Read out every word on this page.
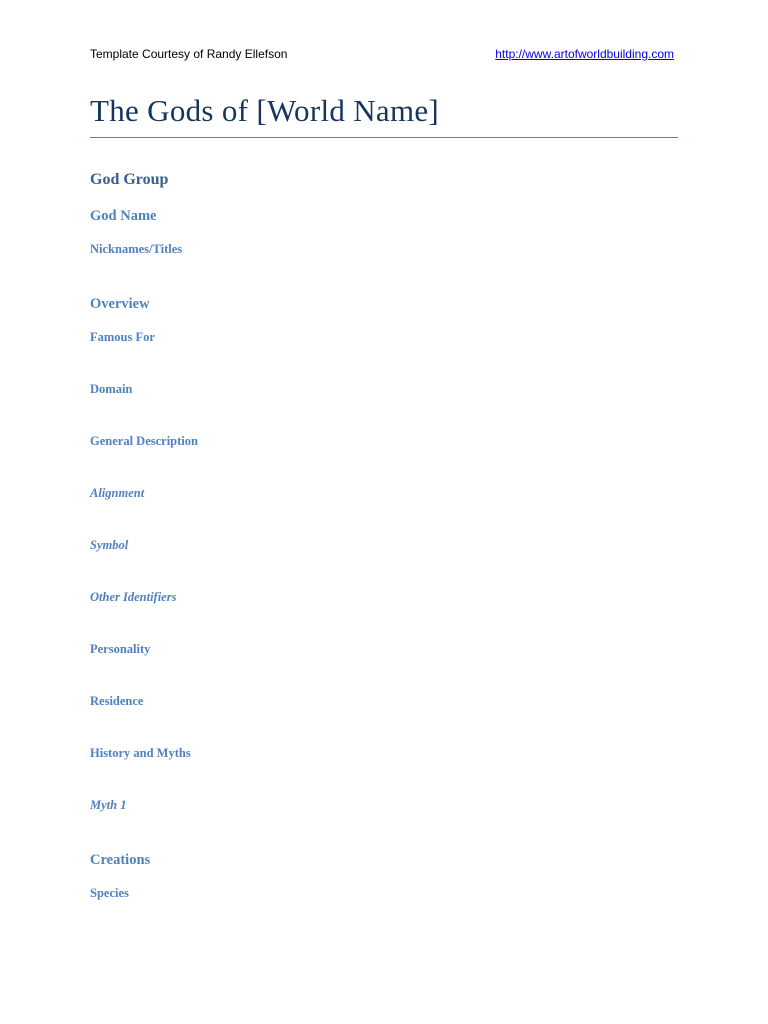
Template Courtesy of Randy Ellefson	http://www.artofworldbuilding.com
The Gods of [World Name]
God Group
God Name
Nicknames/Titles
Overview
Famous For
Domain
General Description
Alignment
Symbol
Other Identifiers
Personality
Residence
History and Myths
Myth 1
Creations
Species
